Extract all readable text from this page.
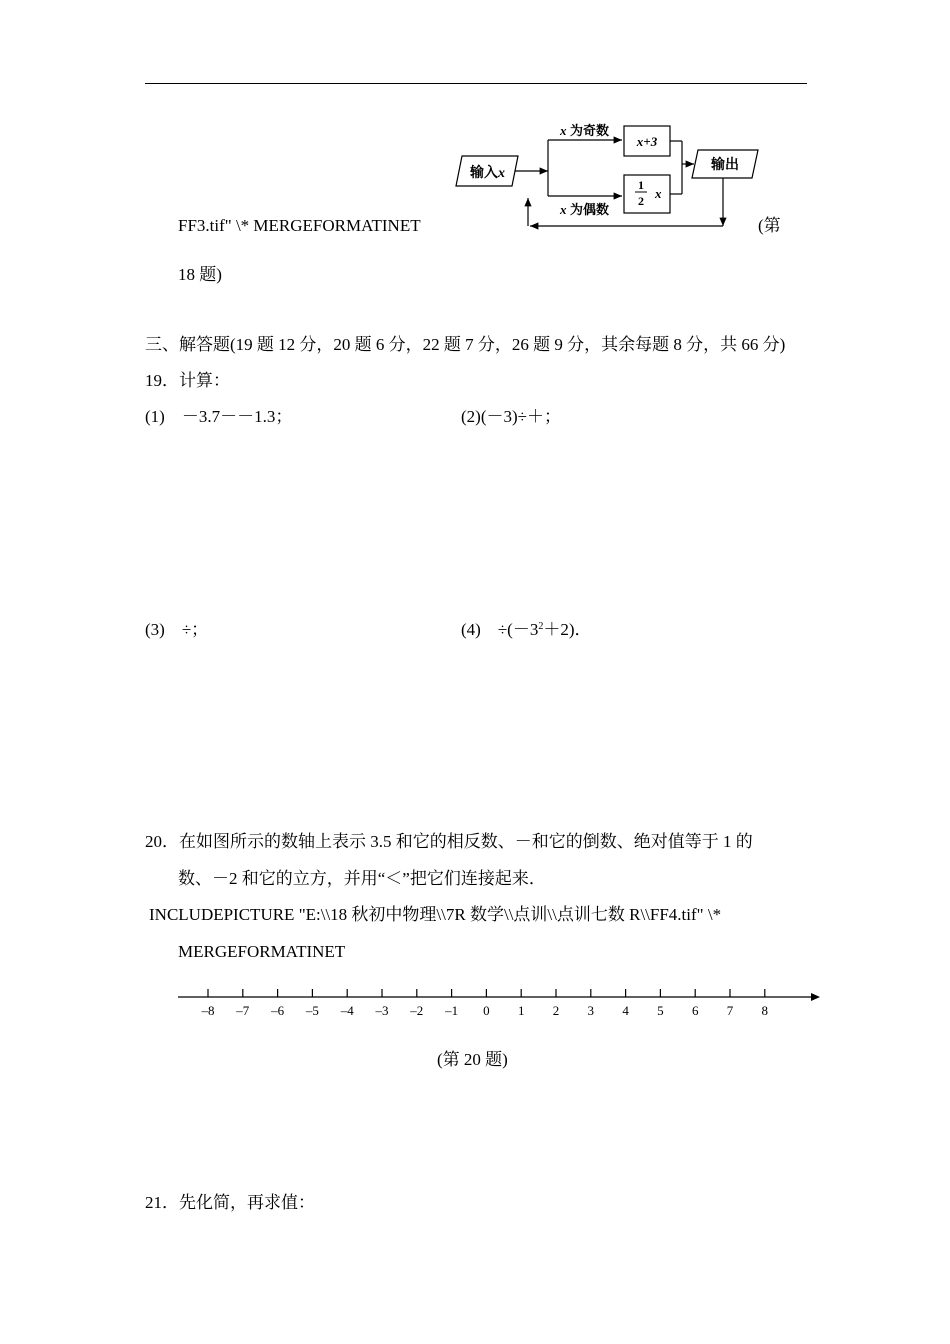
输入 x
x 为奇数
x 为偶数
x+3
1
2 x
输出
FF3.tif" \* MERGEFORMATINET	(第
18 题)
三、解答题(19 题 12 分，20 题 6 分，22 题 7 分，26 题 9 分，其余每题 8 分，共 66 分)
19．计算：
(1)　－3.7－－1.3；	(2)(－3)÷＋；
(3)　÷；	(4)　$\div(-3^2+2)$．
20．在如图所示的数轴上表示 3.5 和它的相反数、－和它的倒数、绝对值等于 1 的
数、－2 和它的立方，并用“＜”把它们连接起来．
INCLUDEPICTURE "E:\\18 秋初中物理\\7R 数学\\点训\\点训七数 R\\FF4.tif" \*
MERGEFORMATINET
–8 –7 –6 –5 –4 –3 –2 –1 0 1 2 3 4 5 6 7 8
(第 20 题)
21．先化简，再求值：
